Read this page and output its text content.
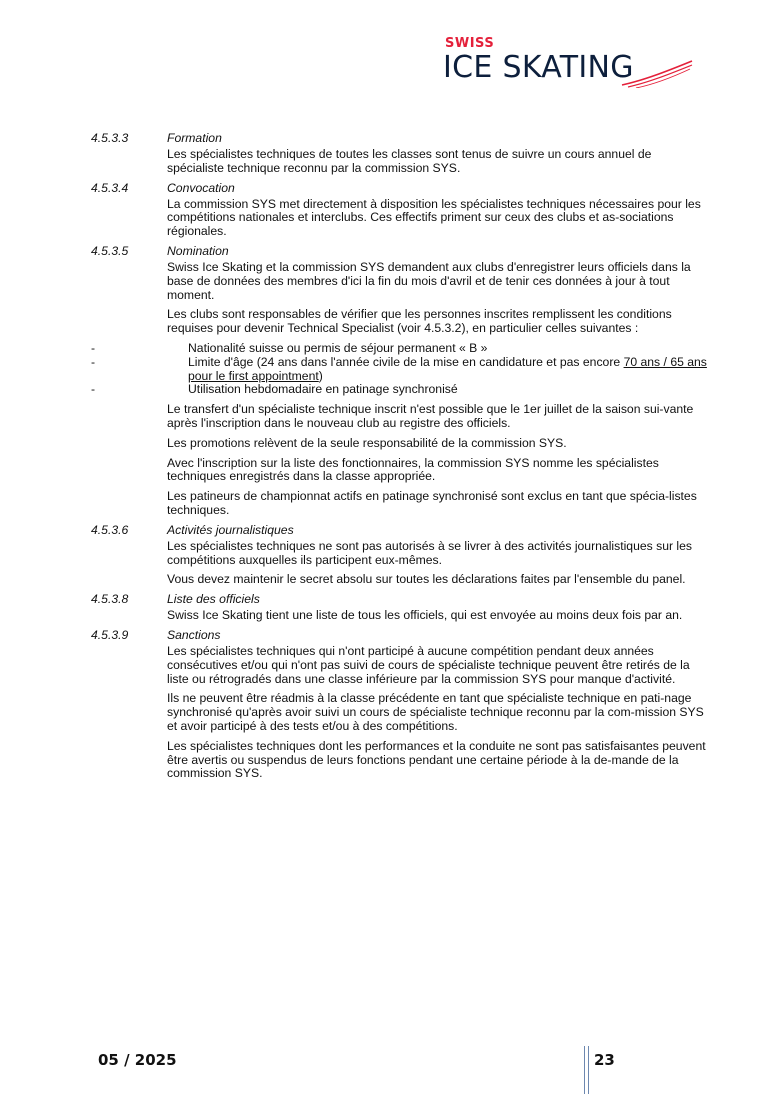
SWISS
ICE SKATING
4.5.3.3	Formation

Les spécialistes techniques de toutes les classes sont tenus de suivre un cours annuel de spécialiste technique reconnu par la commission SYS.

4.5.3.4	Convocation

La commission SYS met directement à disposition les spécialistes techniques nécessaires pour les compétitions nationales et interclubs. Ces effectifs priment sur ceux des clubs et as-sociations régionales.

4.5.3.5	Nomination

Swiss Ice Skating et la commission SYS demandent aux clubs d'enregistrer leurs officiels dans la base de données des membres d'ici la fin du mois d'avril et de tenir ces données à jour à tout moment.

Les clubs sont responsables de vérifier que les personnes inscrites remplissent les conditions requises pour devenir Technical Specialist (voir 4.5.3.2), en particulier celles suivantes :

-	Nationalité suisse ou permis de séjour permanent « B »
-	Limite d'âge (24 ans dans l'année civile de la mise en candidature et pas encore 70 ans / 65 ans pour le first appointment)
-	Utilisation hebdomadaire en patinage synchronisé

Le transfert d'un spécialiste technique inscrit n'est possible que le 1er juillet de la saison sui-vante après l'inscription dans le nouveau club au registre des officiels.

Les promotions relèvent de la seule responsabilité de la commission SYS.

Avec l'inscription sur la liste des fonctionnaires, la commission SYS nomme les spécialistes techniques enregistrés dans la classe appropriée.

Les patineurs de championnat actifs en patinage synchronisé sont exclus en tant que spécia-listes techniques.

4.5.3.6	Activités journalistiques

Les spécialistes techniques ne sont pas autorisés à se livrer à des activités journalistiques sur les compétitions auxquelles ils participent eux-mêmes.

Vous devez maintenir le secret absolu sur toutes les déclarations faites par l'ensemble du panel.

4.5.3.8	Liste des officiels

Swiss Ice Skating tient une liste de tous les officiels, qui est envoyée au moins deux fois par an.

4.5.3.9	Sanctions

Les spécialistes techniques qui n'ont participé à aucune compétition pendant deux années consécutives et/ou qui n'ont pas suivi de cours de spécialiste technique peuvent être retirés de la liste ou rétrogradés dans une classe inférieure par la commission SYS pour manque d'activité.

Ils ne peuvent être réadmis à la classe précédente en tant que spécialiste technique en pati-nage synchronisé qu'après avoir suivi un cours de spécialiste technique reconnu par la com-mission SYS et avoir participé à des tests et/ou à des compétitions.

Les spécialistes techniques dont les performances et la conduite ne sont pas satisfaisantes peuvent être avertis ou suspendus de leurs fonctions pendant une certaine période à la de-mande de la commission SYS.

05 / 2025	23
